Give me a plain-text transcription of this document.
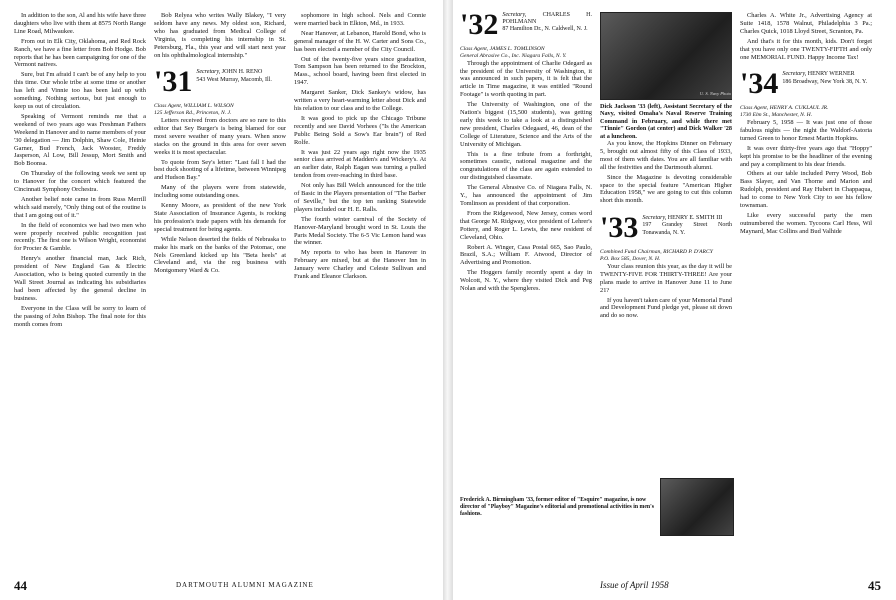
In addition to the son, Al and his wife have three daughters who live with them at 8575 North Range Line Road, Milwaukee.

From out in Elk City, Oklahoma, and Red Rock Ranch, we have a fine letter from Bob Hodge. Bob reports that he has been campaigning for one of the Vermont natives.

Sure, but I'm afraid I can't be of any help to you this time. Our whole tribe at some time or another has left and Vinnie too has been laid up with something. Nothing serious, but just enough to keep us out of circulation.

Speaking of Vermont reminds me that a weekend of two years ago was Freshman Fathers Weekend in Hanover and to name members of your '30 delegation — Jim Dolphin, Shaw Cole, Heinie Garner, Bud French, Jack Wooster, Freddy Jasperson, Al Low, Bill Jessup, Mort Smith and Bob Boonsa.

On Thursday of the following week we sent up to Hanover for the concert which featured the Cincinnati Symphony Orchestra.

Another belief note came in from Russ Merrill which said merely, "Only thing out of the routine is that I am going out of it."

In the field of economics we had two men who were properly received public recognition just recently. The first one is Wilson Wright, economist for Procter & Gamble.

Henry's another financial man, Jack Rich, president of New England Gas & Electric Association, who is being quoted currently in the Wall Street Journal as indicating his subsidiaries had been affected by the general decline in business.

Everyone in the Class will be sorry to learn of the passing of John Bishop. The final note for this month comes from

Bob Relyea who writes Wally Blakey, "I very seldom have any news. My oldest son, Richard, who has graduated from Medical College of Virginia, is completing his internship in St. Petersburg, Fla., this year and will start next year on his ophthalmological internship."

'31 Secretary, JOHN H. RENO
543 West Murray, Macomb, Ill.
Class Agent, WILLIAM L. WILSON
125 Jefferson Rd., Princeton, N. J.

Letters received from doctors are so rare to this editor that Sey Burger's is being blamed for our most severe weather of many years. When snow stacks on the ground in this area for over seven weeks it is most spectacular.

To quote from Sey's letter: "Last fall I had the best duck shooting of a lifetime, between Winnipeg and Hudson Bay."

Many of the players were from statewide, including some outstanding ones.

Kenny Moore, as president of the new York State Association of Insurance Agents, is rocking his profession's trade papers with his demands for special treatment for being agents.

While Nelson deserted the fields of Nebraska to make his mark on the banks of the Potomac, one Nels Greenland kicked up his "Beta heels" at Cleveland and, via the reg business with Montgomery Ward & Co.

sophomore in high school. Nels and Connie were married back in Elkton, Md., in 1933.

Near Hanover, at Lebanon, Harold Bond, who is general manager of the H. W. Carter and Sons Co., has been elected a member of the City Council.

Out of the twenty-five years since graduation, Tom Sampson has been returned to the Brockton, Mass., school board, having been first elected in 1947.

Margaret Sanker, Dick Sankey's widow, has written a very heart-warming letter about Dick and his relation to our class and to the College.

It was good to pick up the Chicago Tribune recently and see David Vorhees ("Is the American Public Being Sold a Sow's Ear brain") of Red Rolfe.

It was just 22 years ago right now the 1935 senior class arrived at Madden's and Wickery's. At an earlier date, Ralph Eagan was turning a pulled tendon from over-reaching in third base.

Not only has Bill Welch announced for the title of Basic in the Players presentation of "The Barber of Seville," but the top ten ranking Statewide players included our H. E. Ralls.

The fourth winter carnival of the Society of Hanover-Maryland brought word in St. Louis the Paris Medal Society. The 6-5 Vic Lemon hand was the winner.

My reports to who has been in Hanover in February are mixed, but at the Hanover Inn in January were Charley and Celeste Sullivan and Frank and Eleanor Clarkson.

44	DARTMOUTH ALUMNI MAGAZINE
'32 Secretary,	CHARLES H. POHLMANN
87 Hamilton Dr., N. Caldwell, N. J.
Class Agent, JAMES L. TOMLINSON
General Abrasive Co., Inc. Niagara Falls, N. Y.

Through the appointment of Charlie Odegard as the president of the University of Washington, it was announced in such papers, it is felt that the article in Time magazine, it was entitled "Round Footage" is worth quoting in part.

The University of Washington, one of the Nation's biggest (15,500 students), was getting early this week to take a look at a distinguished new president, Charles Odegaard, 46, dean of the College of Literature, Science and the Arts of the University of Michigan.

This is a fine tribute from a forthright, sometimes caustic, national magazine and the congratulations of the class are again extended to our distinguished classmate.

The General Abrasive Co. of Niagara Falls, N. Y., has announced the appointment of Jim Tomlinson as president of that corporation.

From the Ridgewood, New Jersey, comes word that George M. Ridgway, vice president of Lehrer's Pottery, and Roger L. Lewis, the new resident of Cleveland, Ohio.

Robert A. Winger, Casa Postal 665, Sao Paulo, Brazil, S.A.; William F. Atwood, Director of Advertising and Promotion.

The Hoggers family recently spent a day in Wolcott, N. Y., where they visited Dick and Peg Nolan and with the Spengleres.

U. S. Navy Photo
Dick Jackson '33 (left), Assistant Secretary of the Navy, visited Omaha's Naval Reserve Training Command in February, and while there met "Tinnie" Gordon (at center) and Dick Walker '28 at a luncheon.

As you know, the Hopkins Dinner on February 5, brought out almost fifty of this Class of 1933, most of them with dates. You are all familiar with all the festivities and the Dartmouth alumni.

Since the Magazine is devoting considerable space to the special feature "American Higher Education 1958," we are going to cut this column short this month.

'33 Secretary, HENRY E. SMITH III
197 Grandey Street North Tonawanda, N. Y.
Combined Fund Chairman, RICHARD P. D'ARCY
P.O. Box 585, Dover, N. H.

Your class reunion this year, as the day it will be TWENTY-FIVE FOR THIRTY-THREE! Are your plans made to arrive in Hanover June 11 to June 21?

If you haven't taken care of your Memorial Fund and Development Fund pledge yet, please sit down and do so now.

Charles A. White Jr., Advertising Agency at Suite 1418, 1578 Walnut, Philadelphia 3 Pa.; Charles Quick, 1018 Lloyd Street, Scranton, Pa.

And that's it for this month, kids. Don't forget that you have only one TWENTY-FIFTH and only one MEMORIAL FUND. Happy Income Tax!

'34 Secretary, HENRY WERNER
186 Broadway, New York 38, N. Y.
Class Agent, HENRY A. CUKLAUL JR.
1730 Elm St., Manchester, N. H.

February 5, 1958 — It was just one of those fabulous nights — the night the Waldorf-Astoria turned Green to honor Ernest Martin Hopkins.

It was over thirty-five years ago that "Hoppy" kept his promise to be the headliner of the evening and pay a compliment to his dear friends.

Others at our table included Perry Wood, Bob Bass Slayer, and Van Thorne and Marion and Rudolph, president and Ray Hubert in Chappaqua, had to come to New York City to see his fellow townsman.

Like every successful party the men outnumbered the women. Tycoons Carl Hess, Wil Maynard, Mac Collins and Bud Valhide

Frederick A. Birmingham '33, former editor of "Esquire" magazine, is now director of "Playboy" Magazine's editorial and promotional activities in men's fashions.
Issue of April 1958	45
